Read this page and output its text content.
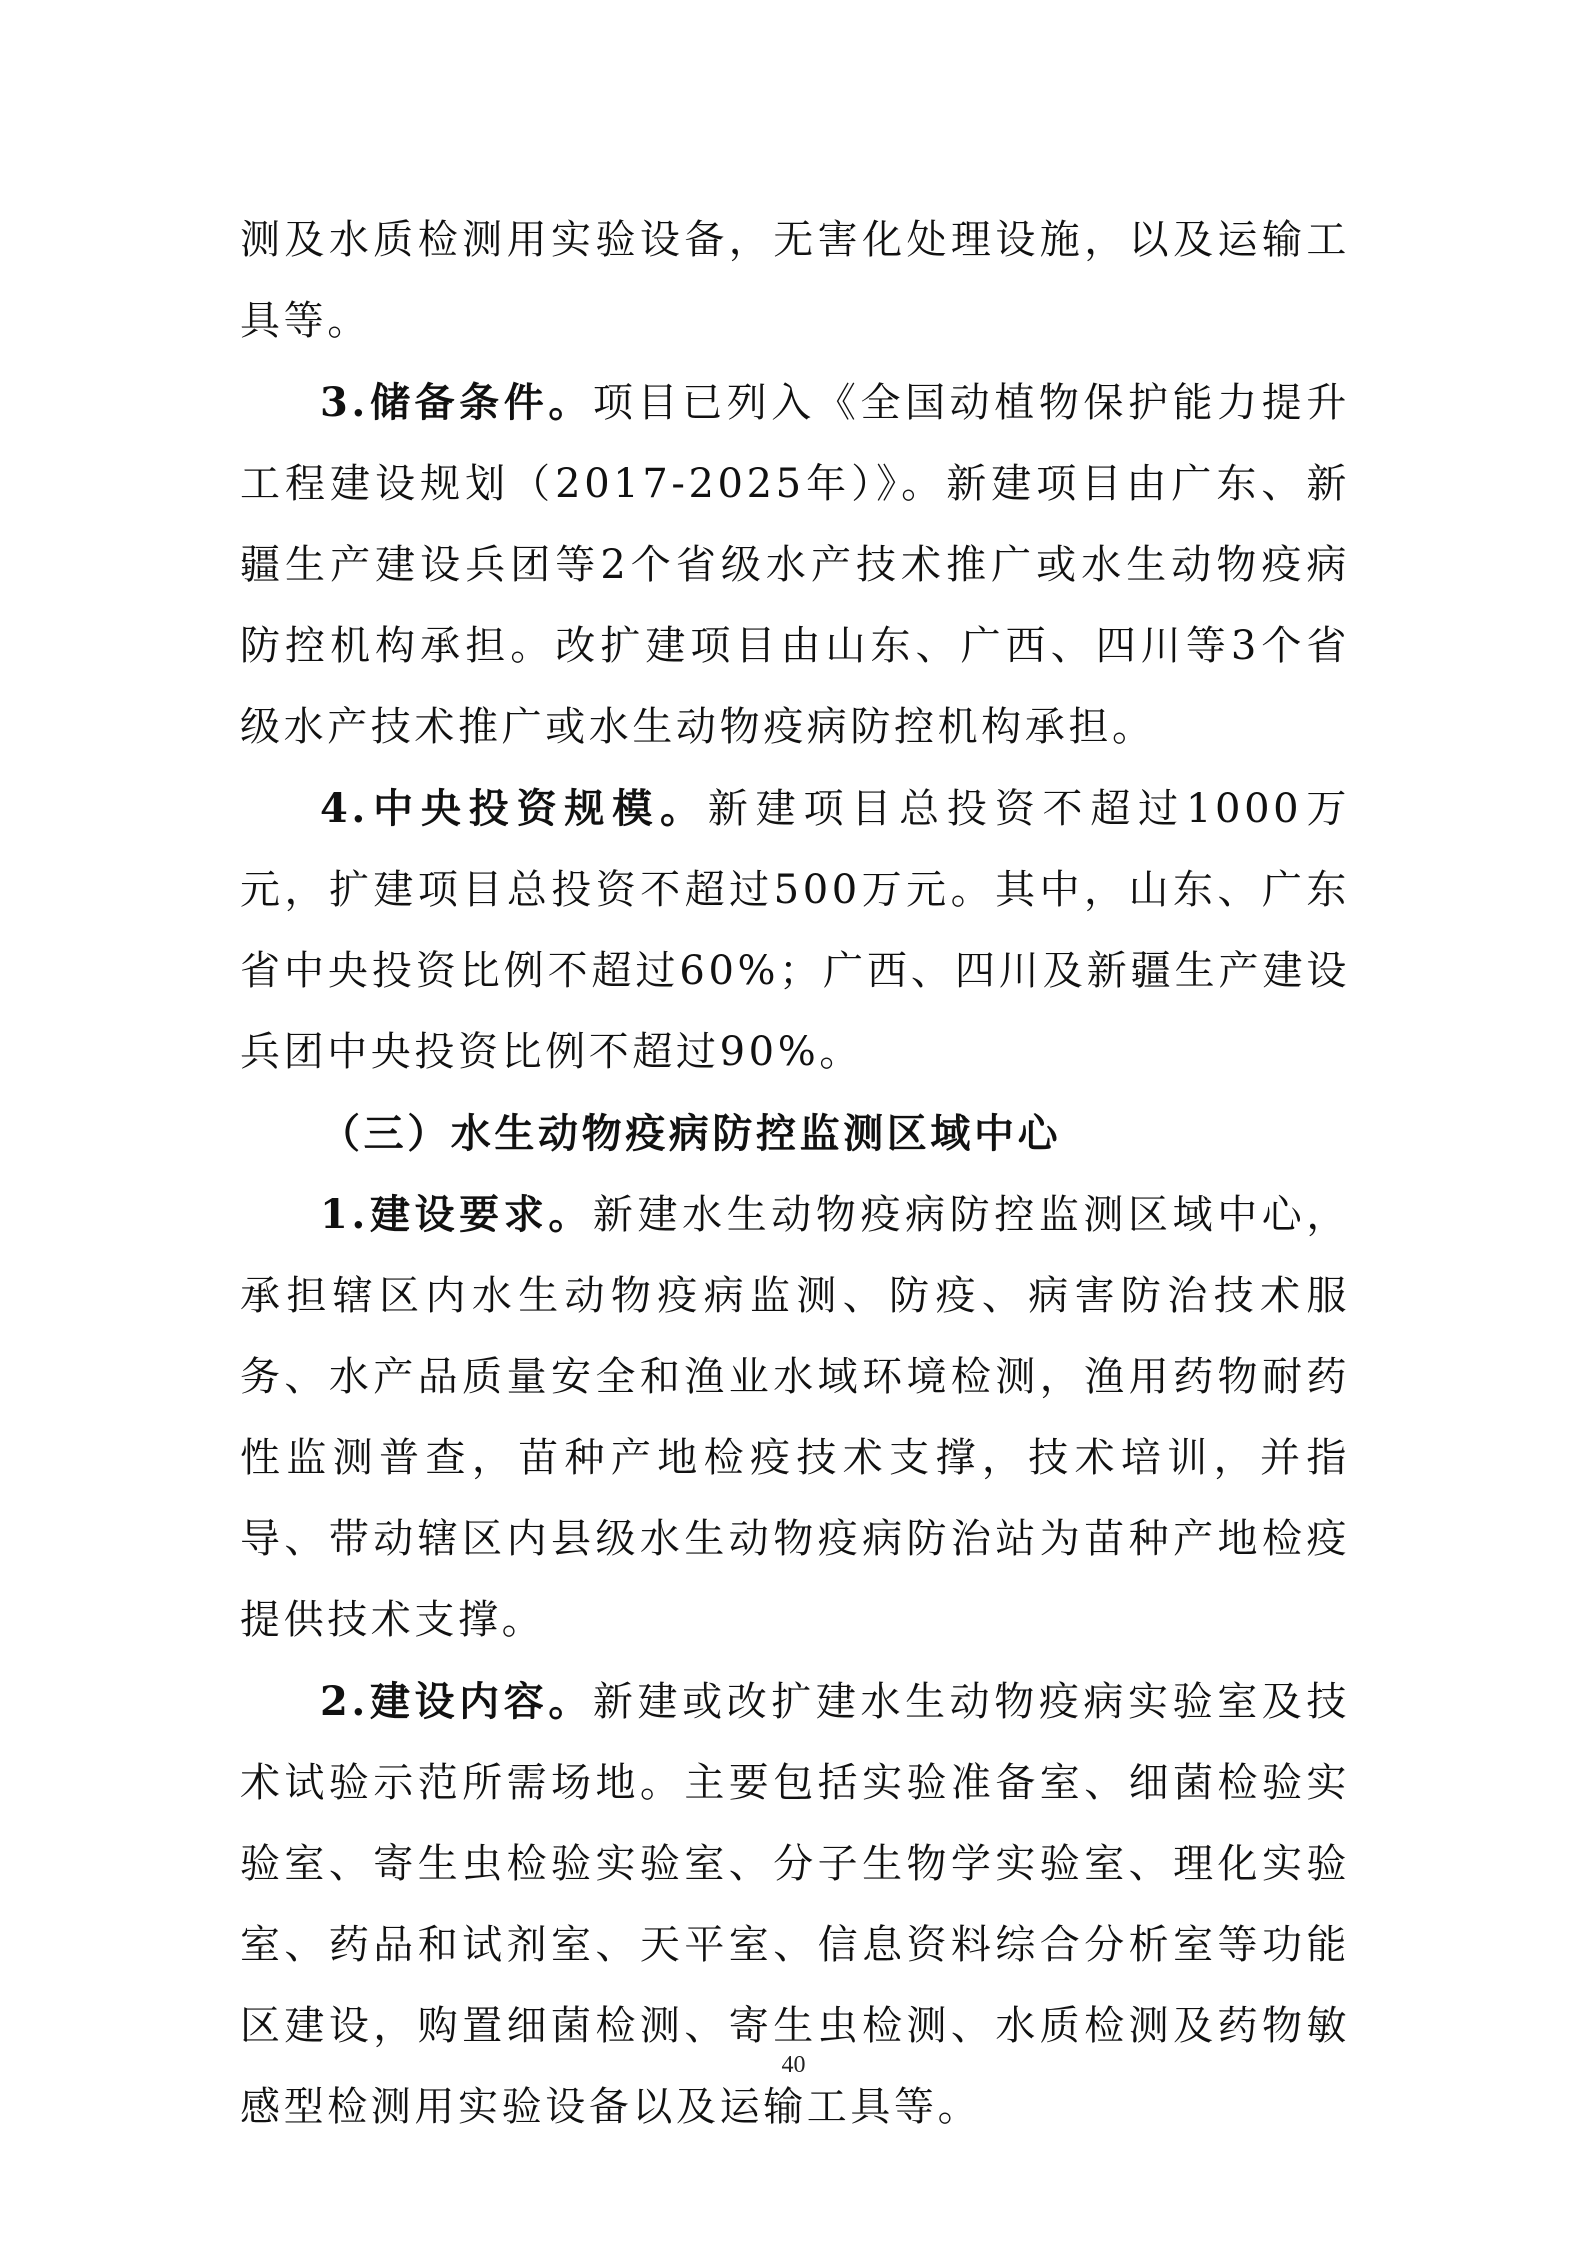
测及水质检测用实验设备，无害化处理设施，以及运输工具等。

3.储备条件。项目已列入《全国动植物保护能力提升工程建设规划（2017-2025年）》。新建项目由广东、新疆生产建设兵团等2个省级水产技术推广或水生动物疫病防控机构承担。改扩建项目由山东、广西、四川等3个省级水产技术推广或水生动物疫病防控机构承担。

4.中央投资规模。新建项目总投资不超过1000万元，扩建项目总投资不超过500万元。其中，山东、广东省中央投资比例不超过60%；广西、四川及新疆生产建设兵团中央投资比例不超过90%。

（三）水生动物疫病防控监测区域中心

1.建设要求。新建水生动物疫病防控监测区域中心，承担辖区内水生动物疫病监测、防疫、病害防治技术服务、水产品质量安全和渔业水域环境检测，渔用药物耐药性监测普查，苗种产地检疫技术支撑，技术培训，并指导、带动辖区内县级水生动物疫病防治站为苗种产地检疫提供技术支撑。

2.建设内容。新建或改扩建水生动物疫病实验室及技术试验示范所需场地。主要包括实验准备室、细菌检验实验室、寄生虫检验实验室、分子生物学实验室、理化实验室、药品和试剂室、天平室、信息资料综合分析室等功能区建设，购置细菌检测、寄生虫检测、水质检测及药物敏感型检测用实验设备以及运输工具等。

40
